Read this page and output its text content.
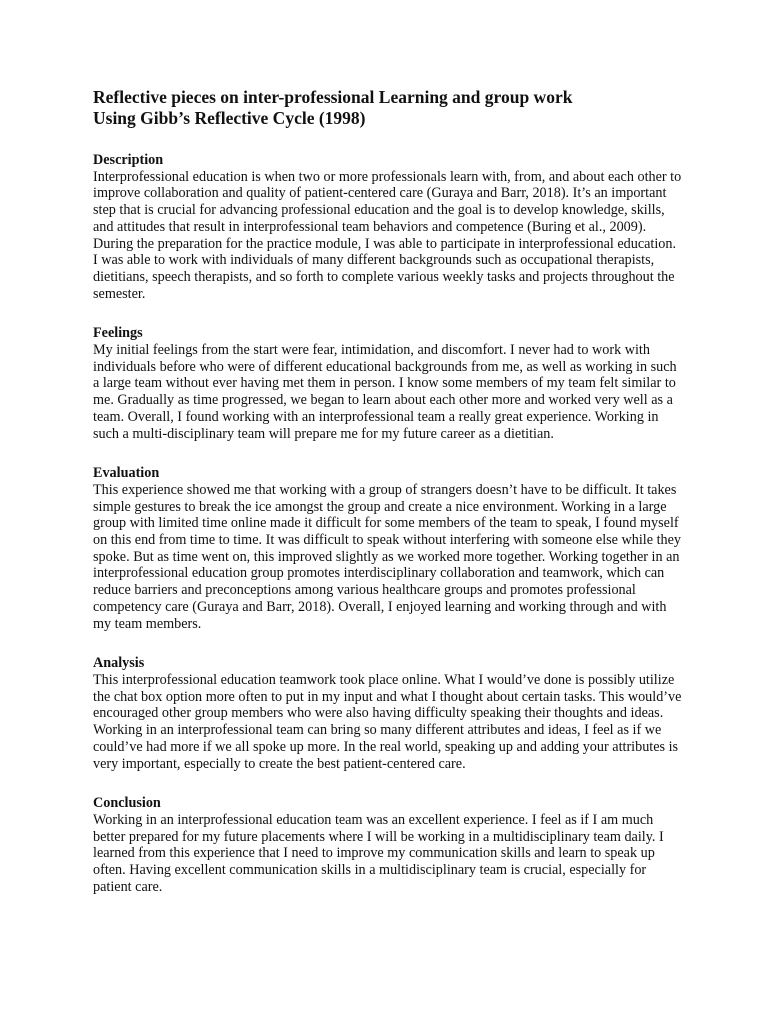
Reflective pieces on inter-professional Learning and group work
Using Gibb’s Reflective Cycle (1998)
Description

Interprofessional education is when two or more professionals learn with, from, and about each other to improve collaboration and quality of patient-centered care (Guraya and Barr, 2018). It’s an important step that is crucial for advancing professional education and the goal is to develop knowledge, skills, and attitudes that result in interprofessional team behaviors and competence (Buring et al., 2009). During the preparation for the practice module, I was able to participate in interprofessional education. I was able to work with individuals of many different backgrounds such as occupational therapists, dietitians, speech therapists, and so forth to complete various weekly tasks and projects throughout the semester.

Feelings

My initial feelings from the start were fear, intimidation, and discomfort. I never had to work with individuals before who were of different educational backgrounds from me, as well as working in such a large team without ever having met them in person. I know some members of my team felt similar to me. Gradually as time progressed, we began to learn about each other more and worked very well as a team. Overall, I found working with an interprofessional team a really great experience. Working in such a multi-disciplinary team will prepare me for my future career as a dietitian.

Evaluation

This experience showed me that working with a group of strangers doesn’t have to be difficult. It takes simple gestures to break the ice amongst the group and create a nice environment. Working in a large group with limited time online made it difficult for some members of the team to speak, I found myself on this end from time to time. It was difficult to speak without interfering with someone else while they spoke. But as time went on, this improved slightly as we worked more together. Working together in an interprofessional education group promotes interdisciplinary collaboration and teamwork, which can reduce barriers and preconceptions among various healthcare groups and promotes professional competency care (Guraya and Barr, 2018). Overall, I enjoyed learning and working through and with my team members.

Analysis

This interprofessional education teamwork took place online. What I would’ve done is possibly utilize the chat box option more often to put in my input and what I thought about certain tasks. This would’ve encouraged other group members who were also having difficulty speaking their thoughts and ideas. Working in an interprofessional team can bring so many different attributes and ideas, I feel as if we could’ve had more if we all spoke up more. In the real world, speaking up and adding your attributes is very important, especially to create the best patient-centered care.

Conclusion

Working in an interprofessional education team was an excellent experience. I feel as if I am much better prepared for my future placements where I will be working in a multidisciplinary team daily. I learned from this experience that I need to improve my communication skills and learn to speak up often. Having excellent communication skills in a multidisciplinary team is crucial, especially for patient care.
